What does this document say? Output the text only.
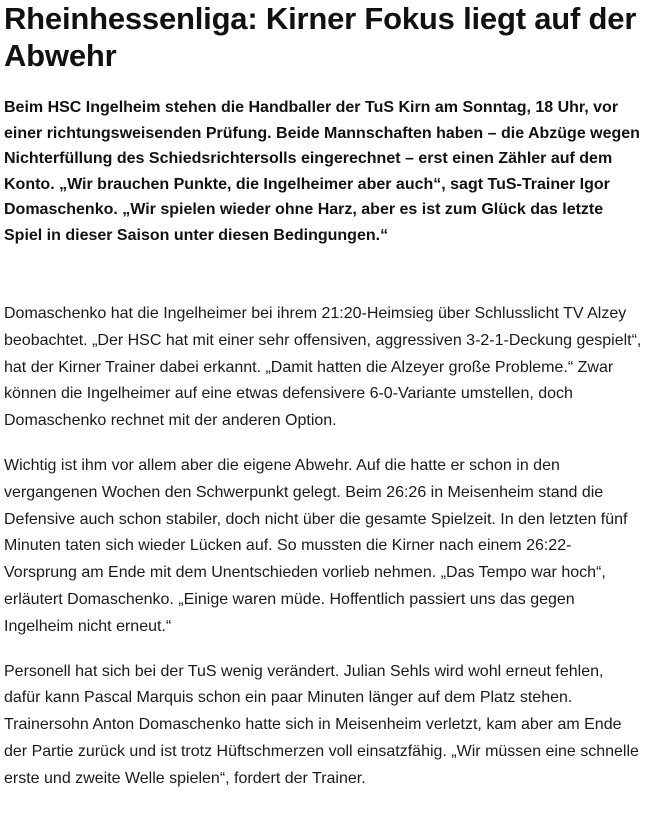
Rheinhessenliga: Kirner Fokus liegt auf der Abwehr

Beim HSC Ingelheim stehen die Handballer der TuS Kirn am Sonntag, 18 Uhr, vor einer richtungsweisenden Prüfung. Beide Mannschaften haben – die Abzüge wegen Nichterfüllung des Schiedsrichtersolls eingerechnet – erst einen Zähler auf dem Konto. „Wir brauchen Punkte, die Ingelheimer aber auch“, sagt TuS-Trainer Igor Domaschenko. „Wir spielen wieder ohne Harz, aber es ist zum Glück das letzte Spiel in dieser Saison unter diesen Bedingungen.“

Domaschenko hat die Ingelheimer bei ihrem 21:20-Heimsieg über Schlusslicht TV Alzey beobachtet. „Der HSC hat mit einer sehr offensiven, aggressiven 3-2-1-Deckung gespielt“, hat der Kirner Trainer dabei erkannt. „Damit hatten die Alzeyer große Probleme.“ Zwar können die Ingelheimer auf eine etwas defensivere 6-0-Variante umstellen, doch Domaschenko rechnet mit der anderen Option.

Wichtig ist ihm vor allem aber die eigene Abwehr. Auf die hatte er schon in den vergangenen Wochen den Schwerpunkt gelegt. Beim 26:26 in Meisenheim stand die Defensive auch schon stabiler, doch nicht über die gesamte Spielzeit. In den letzten fünf Minuten taten sich wieder Lücken auf. So mussten die Kirner nach einem 26:22-Vorsprung am Ende mit dem Unentschieden vorlieb nehmen. „Das Tempo war hoch“, erläutert Domaschenko. „Einige waren müde. Hoffentlich passiert uns das gegen Ingelheim nicht erneut.“

Personell hat sich bei der TuS wenig verändert. Julian Sehls wird wohl erneut fehlen, dafür kann Pascal Marquis schon ein paar Minuten länger auf dem Platz stehen. Trainersohn Anton Domaschenko hatte sich in Meisenheim verletzt, kam aber am Ende der Partie zurück und ist trotz Hüftschmerzen voll einsatzfähig. „Wir müssen eine schnelle erste und zweite Welle spielen“, fordert der Trainer.
